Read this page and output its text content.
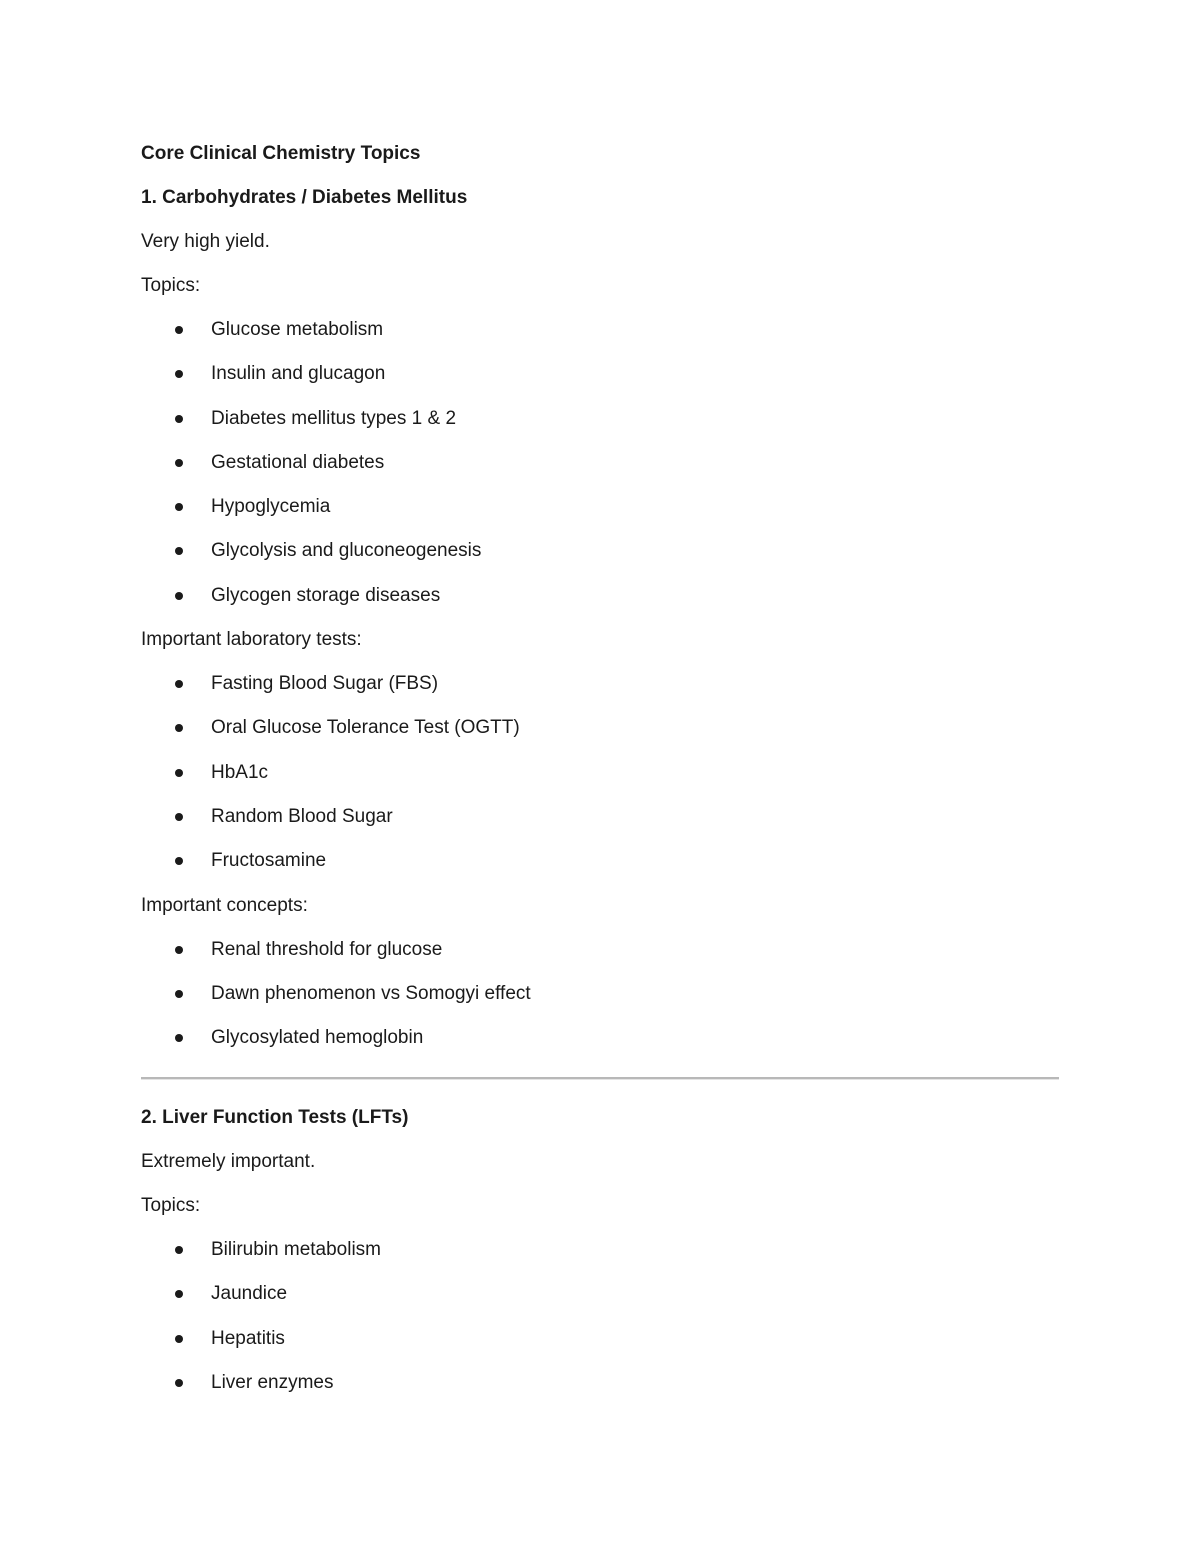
Core Clinical Chemistry Topics

1. Carbohydrates / Diabetes Mellitus

Very high yield.

Topics:

Glucose metabolism
Insulin and glucagon
Diabetes mellitus types 1 & 2
Gestational diabetes
Hypoglycemia
Glycolysis and gluconeogenesis
Glycogen storage diseases

Important laboratory tests:

Fasting Blood Sugar (FBS)
Oral Glucose Tolerance Test (OGTT)
HbA1c
Random Blood Sugar
Fructosamine

Important concepts:

Renal threshold for glucose
Dawn phenomenon vs Somogyi effect
Glycosylated hemoglobin

2. Liver Function Tests (LFTs)

Extremely important.

Topics:

Bilirubin metabolism
Jaundice
Hepatitis
Liver enzymes
